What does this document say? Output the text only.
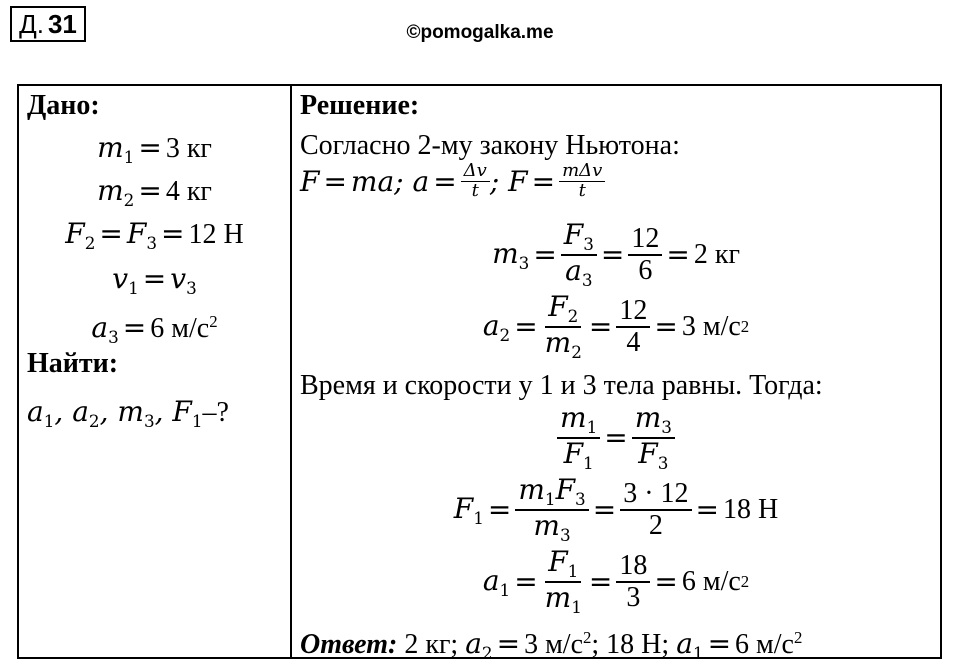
Д. 31	©pomogalka.me
Дано:
$m_1 = 3$ кг
$m_2 = 4$ кг
$F_2 = F_3 = 12$ Н
$v_1 = v_3$
$a_3 = 6$ $м/с^2$
Найти:
$a_1$, $a_2$, $m_3$, $F_1-$?
Решение:
Согласно 2-му закону Ньютона:
F = ma; $a = \frac{\Delta v}{t}$ ; $F = \frac{\text{mΔv}}{t}$
$m_3 = \frac{F_3}{a_3} = \frac{12}{6} = 2$ кг
$a_2 = \frac{F_2}{m_2} = \frac{12}{4} = 3$ м/с 2
Время и скорости у 1 и 3 тела равны. Тогда:
$\frac{m_1}{F_1} = \frac{m_3}{F_3}$
$F_1 = \frac{m_1F_3}{m_3} = \frac{3 \cdot 12}{2} = 18$ Н
$a_1 = \frac{F_1}{m_1} = \frac{18}{3} = 6$ м/с 2
Ответ: 2 кг; $a_2 = 3$ $м/с^2$; 18 Н; $a_1 = 6$ $м/с^2$
